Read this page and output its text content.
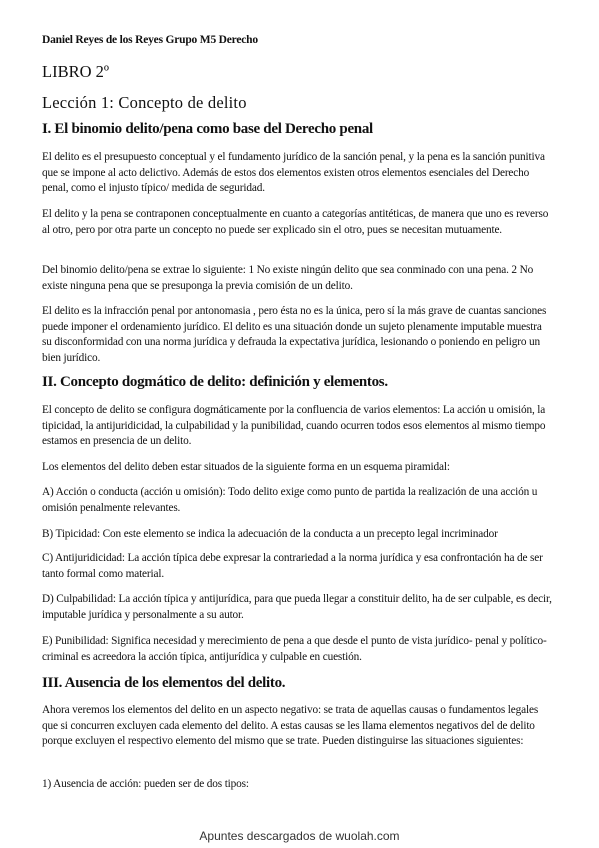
Daniel Reyes de los Reyes Grupo M5 Derecho
LIBRO 2º
Lección 1: Concepto de delito
I. El binomio delito/pena como base del Derecho penal
El delito es el presupuesto conceptual y el fundamento jurídico de la sanción penal, y la pena es la sanción punitiva que se impone al acto delictivo. Además de estos dos elementos existen otros elementos esenciales del Derecho penal, como el injusto típico/ medida de seguridad.
El delito y la pena se contraponen conceptualmente en cuanto a categorías antitéticas, de manera que uno es reverso al otro, pero por otra parte un concepto no puede ser explicado sin el otro, pues se necesitan mutuamente.
Del binomio delito/pena se extrae lo siguiente: 1 No existe ningún delito que sea conminado con una pena. 2 No existe ninguna pena que se presuponga la previa comisión de un delito.
El delito es la infracción penal por antonomasia , pero ésta no es la única, pero sí la más grave de cuantas sanciones puede imponer el ordenamiento jurídico. El delito es una situación donde un sujeto plenamente imputable muestra su disconformidad con una norma jurídica y defrauda la expectativa jurídica, lesionando o poniendo en peligro un bien jurídico.
II. Concepto dogmático de delito: definición y elementos.
El concepto de delito se configura dogmáticamente por la confluencia de varios elementos: La acción u omisión, la tipicidad, la antijuridicidad, la culpabilidad y la punibilidad, cuando ocurren todos esos elementos al mismo tiempo estamos en presencia de un delito.
Los elementos del delito deben estar situados de la siguiente forma en un esquema piramidal:
A) Acción o conducta (acción u omisión): Todo delito exige como punto de partida la realización de una acción u omisión penalmente relevantes.
B) Tipicidad: Con este elemento se indica la adecuación de la conducta a un precepto legal incriminador
C) Antijuridicidad: La acción típica debe expresar la contrariedad a la norma jurídica y esa confrontación ha de ser tanto formal como material.
D) Culpabilidad: La acción típica y antijurídica, para que pueda llegar a constituir delito, ha de ser culpable, es decir, imputable jurídica y personalmente a su autor.
E) Punibilidad: Significa necesidad y merecimiento de pena a que desde el punto de vista jurídico- penal y político-criminal es acreedora la acción típica, antijurídica y culpable en cuestión.
III. Ausencia de los elementos del delito.
Ahora veremos los elementos del delito en un aspecto negativo: se trata de aquellas causas o fundamentos legales que si concurren excluyen cada elemento del delito. A estas causas se les llama elementos negativos del de delito porque excluyen el respectivo elemento del mismo que se trate. Pueden distinguirse las situaciones siguientes:
1) Ausencia de acción: pueden ser de dos tipos:
Apuntes descargados de wuolah.com
